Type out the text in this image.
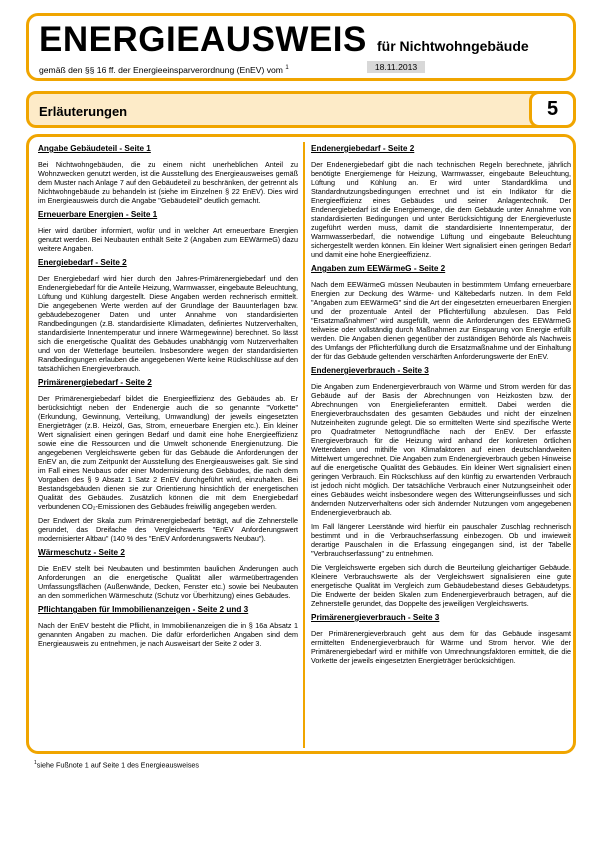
ENERGIEAUSWEIS für Nichtwohngebäude
gemäß den §§ 16 ff. der Energieeinsparverordnung (EnEV) vom $^1$	18.11.2013
Erläuterungen	5
Angabe Gebäudeteil - Seite 1

Bei Nichtwohngebäuden, die zu einem nicht unerheblichen Anteil zu Wohnzwecken genutzt werden, ist die Ausstellung des Energieausweises gemäß dem Muster nach Anlage 7 auf den Gebäudeteil zu beschränken, der getrennt als Nichtwohngebäude zu behandeln ist (siehe im Einzelnen § 22 EnEV). Dies wird im Energieausweis durch die Angabe "Gebäudeteil" deutlich gemacht.

Erneuerbare Energien - Seite 1

Hier wird darüber informiert, wofür und in welcher Art erneuerbare Energien genutzt werden. Bei Neubauten enthält Seite 2 (Angaben zum EEWärmeG) dazu weitere Angaben.

Energiebedarf - Seite 2

Der Energiebedarf wird hier durch den Jahres-Primärenergiebedarf und den Endenergiebedarf für die Anteile Heizung, Warmwasser, eingebaute Beleuchtung, Lüftung und Kühlung dargestellt. Diese Angaben werden rechnerisch ermittelt. Die angegebenen Werte werden auf der Grundlage der Bauunterlagen bzw. gebäudebezogener Daten und unter Annahme von standardisierten Randbedingungen (z.B. standardisierte Klimadaten, definiertes Nutzerverhalten, standardisierte Innentemperatur und innere Wärmegewinne) berechnet. So lässt sich die energetische Qualität des Gebäudes unabhängig vom Nutzerverhalten und von der Wetterlage beurteilen. Insbesondere wegen der standardisierten Randbedingungen erlauben die angegebenen Werte keine Rückschlüsse auf den tatsächlichen Energieverbrauch.

Primärenergiebedarf - Seite 2

Der Primärenergiebedarf bildet die Energieeffizienz des Gebäudes ab. Er berücksichtigt neben der Endenergie auch die so genannte "Vorkette" (Erkundung, Gewinnung, Verteilung, Umwandlung) der jeweils eingesetzten Energieträger (z.B. Heizöl, Gas, Strom, erneuerbare Energien etc.). Ein kleiner Wert signalisiert einen geringen Bedarf und damit eine hohe Energieeffizienz sowie eine die Ressourcen und die Umwelt schonende Energienutzung. Die angegebenen Vergleichswerte geben für das Gebäude die Anforderungen der EnEV an, die zum Zeitpunkt der Ausstellung des Energieausweises galt. Sie sind im Fall eines Neubaus oder einer Modernisierung des Gebäudes, die nach dem Vorgaben des § 9 Absatz 1 Satz 2 EnEV durchgeführt wird, einzuhalten. Bei Bestandsgebäuden dienen sie zur Orientierung hinsichtlich der energetischen Qualität des Gebäudes. Zusätzlich können die mit dem Energiebedarf verbundenen CO₂-Emissionen des Gebäudes freiwillig angegeben werden.

Der Endwert der Skala zum Primärenergiebedarf beträgt, auf die Zehnerstelle gerundet, das Dreifache des Vergleichswerts "EnEV Anforderungswert modernisierter Altbau" (140 % des "EnEV Anforderungswerts Neubau").

Wärmeschutz - Seite 2

Die EnEV stellt bei Neubauten und bestimmten baulichen Änderungen auch Anforderungen an die energetische Qualität aller wärmeübertragenden Umfassungsflächen (Außenwände, Decken, Fenster etc.) sowie bei Neubauten an den sommerlichen Wärmeschutz (Schutz vor Überhitzung) eines Gebäudes.

Pflichtangaben für Immobilienanzeigen - Seite 2 und 3

Nach der EnEV besteht die Pflicht, in Immobilienanzeigen die in § 16a Absatz 1 genannten Angaben zu machen. Die dafür erforderlichen Angaben sind dem Energieausweis zu entnehmen, je nach Ausweisart der Seite 2 oder 3.

Endenergiebedarf - Seite 2

Der Endenergiebedarf gibt die nach technischen Regeln berechnete, jährlich benötigte Energiemenge für Heizung, Warmwasser, eingebaute Beleuchtung, Lüftung und Kühlung an. Er wird unter Standardklima und Standardnutzungsbedingungen errechnet und ist ein Indikator für die Energieeffizienz eines Gebäudes und seiner Anlagentechnik. Der Endenergiebedarf ist die Energiemenge, die dem Gebäude unter Annahme von standardisierten Bedingungen und unter Berücksichtigung der Energieverluste zugeführt werden muss, damit die standardisierte Innentemperatur, der Warmwasserbedarf, die notwendige Lüftung und eingebaute Beleuchtung sichergestellt werden können. Ein kleiner Wert signalisiert einen geringen Bedarf und damit eine hohe Energieeffizienz.

Angaben zum EEWärmeG - Seite 2

Nach dem EEWärmeG müssen Neubauten in bestimmtem Umfang erneuerbare Energien zur Deckung des Wärme- und Kältebedarfs nutzen. In dem Feld "Angaben zum EEWärmeG" sind die Art der eingesetzten erneuerbaren Energien und der prozentuale Anteil der Pflichterfüllung abzulesen. Das Feld "Ersatzmaßnahmen" wird ausgefüllt, wenn die Anforderungen des EEWärmeG teilweise oder vollständig durch Maßnahmen zur Einsparung von Energie erfüllt werden. Die Angaben dienen gegenüber der zuständigen Behörde als Nachweis des Umfangs der Pflichterfüllung durch die Ersatzmaßnahme und der Einhaltung der für das Gebäude geltenden verschärften Anforderungswerte der EnEV.

Endenergieverbrauch - Seite 3

Die Angaben zum Endenergieverbrauch von Wärme und Strom werden für das Gebäude auf der Basis der Abrechnungen von Heizkosten bzw. der Abrechnungen von Energielieferanten ermittelt. Dabei werden die Energieverbrauchsdaten des gesamten Gebäudes und nicht der einzelnen Nutzeinheiten zugrunde gelegt. Die so ermittelten Werte sind spezifische Werte pro Quadratmeter Nettogrundfläche nach der EnEV. Der erfasste Energieverbrauch für die Heizung wird anhand der konkreten örtlichen Wetterdaten und mithilfe von Klimafaktoren auf einen deutschlandweiten Mittelwert umgerechnet. Die Angaben zum Endenergieverbrauch geben Hinweise auf die energetische Qualität des Gebäudes. Ein kleiner Wert signalisiert einen geringen Verbrauch. Ein Rückschluss auf den künftig zu erwartenden Verbrauch ist jedoch nicht möglich. Der tatsächliche Verbrauch einer Nutzungseinheit oder eines Gebäudes weicht insbesondere wegen des Witterungseinflusses und sich ändernden Nutzerverhaltens oder sich ändernder Nutzungen vom angegebenen Endenergieverbrauch ab.

Im Fall längerer Leerstände wird hierfür ein pauschaler Zuschlag rechnerisch bestimmt und in die Verbrauchserfassung einbezogen. Ob und inwieweit derartige Pauschalen in die Erfassung eingegangen sind, ist der Tabelle "Verbrauchserfassung" zu entnehmen.

Die Vergleichswerte ergeben sich durch die Beurteilung gleichartiger Gebäude. Kleinere Verbrauchswerte als der Vergleichswert signalisieren eine gute energetische Qualität im Vergleich zum Gebäudebestand dieses Gebäudetyps. Die Endwerte der beiden Skalen zum Endenergieverbrauch betragen, auf die Zehnerstelle gerundet, das Doppelte des jeweiligen Vergleichswerts.

Primärenergieverbrauch - Seite 3

Der Primärenergieverbrauch geht aus dem für das Gebäude insgesamt ermittelten Endenergieverbrauch für Wärme und Strom hervor. Wie der Primärenergiebedarf wird er mithilfe von Umrechnungsfaktoren ermittelt, die die Vorkette der jeweils eingesetzten Energieträger berücksichtigen.

$^1$siehe Fußnote 1 auf Seite 1 des Energieausweises
